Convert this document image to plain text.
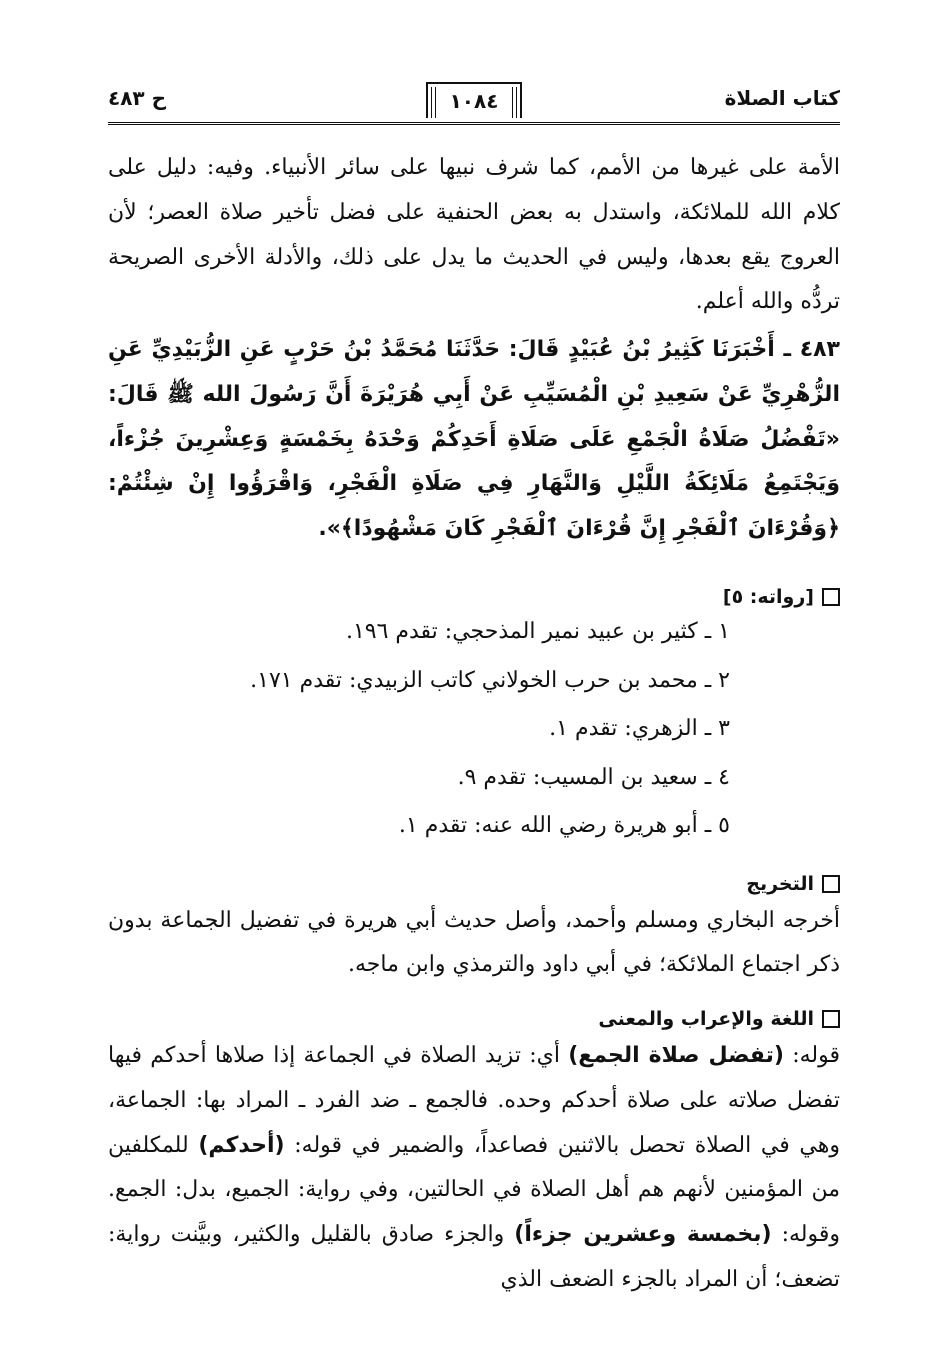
كتاب الصلاة
١٠٨٤
ح ٤٨٣

الأمة على غيرها من الأمم، كما شرف نبيها على سائر الأنبياء. وفيه: دليل على كلام الله للملائكة، واستدل به بعض الحنفية على فضل تأخير صلاة العصر؛ لأن العروج يقع بعدها، وليس في الحديث ما يدل على ذلك، والأدلة الأخرى الصريحة تردُّه والله أعلم.

٤٨٣ ـ أَخْبَرَنَا كَثِيرُ بْنُ عُبَيْدٍ قَالَ: حَدَّثَنَا مُحَمَّدُ بْنُ حَرْبٍ عَنِ الزُّبَيْدِيِّ عَنِ الزُّهْرِيِّ عَنْ سَعِيدِ بْنِ الْمُسَيِّبِ عَنْ أَبِي هُرَيْرَةَ أَنَّ رَسُولَ الله ﷺ قَالَ: «تَفْضُلُ صَلَاةُ الْجَمْعِ عَلَى صَلَاةِ أَحَدِكُمْ وَحْدَهُ بِخَمْسَةٍ وَعِشْرِينَ جُزْءاً، وَيَجْتَمِعُ مَلَائِكَةُ اللَّيْلِ وَالنَّهَارِ فِي صَلَاةِ الْفَجْرِ، وَاقْرَؤُوا إِنْ شِئْتُمْ: ﴿وَقُرْءَانَ ٱلْفَجْرِ إِنَّ قُرْءَانَ ٱلْفَجْرِ كَانَ مَشْهُودًا﴾».

[رواته: ٥]
١ ـ كثير بن عبيد نمير المذحجي: تقدم ١٩٦.
٢ ـ محمد بن حرب الخولاني كاتب الزبيدي: تقدم ١٧١.
٣ ـ الزهري: تقدم ١.
٤ ـ سعيد بن المسيب: تقدم ٩.
٥ ـ أبو هريرة رضي الله عنه: تقدم ١.
التخريج

أخرجه البخاري ومسلم وأحمد، وأصل حديث أبي هريرة في تفضيل الجماعة بدون ذكر اجتماع الملائكة؛ في أبي داود والترمذي وابن ماجه.

اللغة والإعراب والمعنى

قوله: (تفضل صلاة الجمع) أي: تزيد الصلاة في الجماعة إذا صلاها أحدكم فيها تفضل صلاته على صلاة أحدكم وحده. فالجمع ـ ضد الفرد ـ المراد بها: الجماعة، وهي في الصلاة تحصل بالاثنين فصاعداً، والضمير في قوله: (أحدكم) للمكلفين من المؤمنين لأنهم هم أهل الصلاة في الحالتين، وفي رواية: الجميع، بدل: الجمع. وقوله: (بخمسة وعشرين جزءاً) والجزء صادق بالقليل والكثير، وبيَّنت رواية: تضعف؛ أن المراد بالجزء الضعف الذي
